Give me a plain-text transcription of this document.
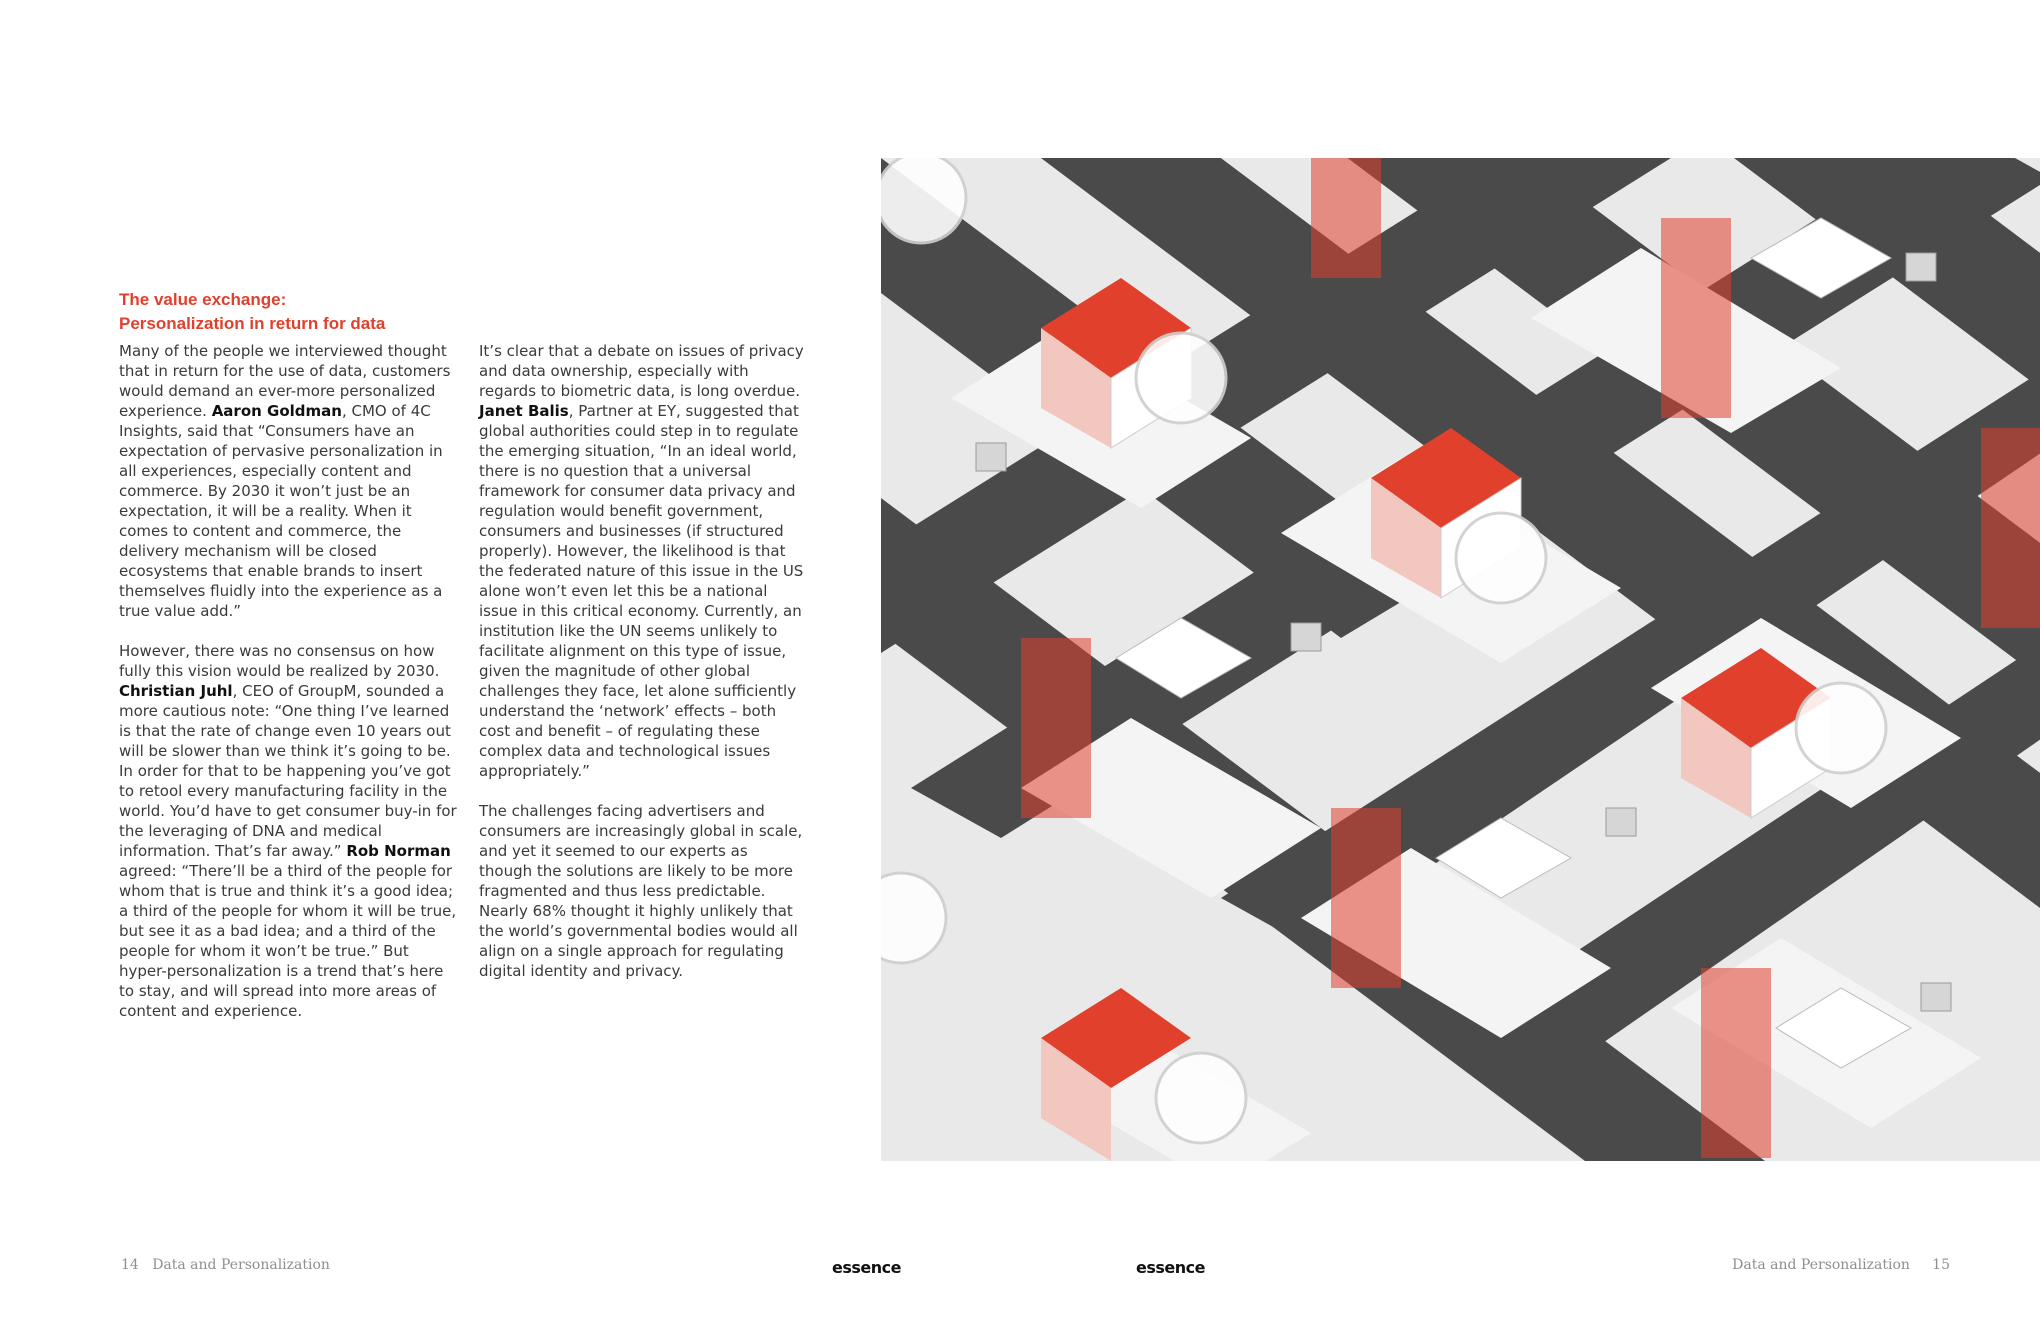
The value exchange:
Personalization in return for data

Many of the people we interviewed thought that in return for the use of data, customers would demand an ever-more personalized experience. Aaron Goldman, CMO of 4C Insights, said that “Consumers have an expectation of pervasive personalization in all experiences, especially content and commerce. By 2030 it won’t just be an expectation, it will be a reality. When it comes to content and commerce, the delivery mechanism will be closed ecosystems that enable brands to insert themselves fluidly into the experience as a true value add.”

However, there was no consensus on how fully this vision would be realized by 2030. Christian Juhl, CEO of GroupM, sounded a more cautious note: “One thing I’ve learned is that the rate of change even 10 years out will be slower than we think it’s going to be. In order for that to be happening you’ve got to retool every manufacturing facility in the world. You’d have to get consumer buy-in for the leveraging of DNA and medical information. That’s far away.” Rob Norman agreed: “There’ll be a third of the people for whom that is true and think it’s a good idea; a third of the people for whom it will be true, but see it as a bad idea; and a third of the people for whom it won’t be true.” But hyper-personalization is a trend that’s here to stay, and will spread into more areas of content and experience.

It’s clear that a debate on issues of privacy and data ownership, especially with regards to biometric data, is long overdue. Janet Balis, Partner at EY, suggested that global authorities could step in to regulate the emerging situation, “In an ideal world, there is no question that a universal framework for consumer data privacy and regulation would benefit government, consumers and businesses (if structured properly). However, the likelihood is that the federated nature of this issue in the US alone won’t even let this be a national issue in this critical economy. Currently, an institution like the UN seems unlikely to facilitate alignment on this type of issue, given the magnitude of other global challenges they face, let alone sufficiently understand the ‘network’ effects – both cost and benefit – of regulating these complex data and technological issues appropriately.”

The challenges facing advertisers and consumers are increasingly global in scale, and yet it seemed to our experts as though the solutions are likely to be more fragmented and thus less predictable. Nearly 68% thought it highly unlikely that the world’s governmental bodies would all align on a single approach for regulating digital identity and privacy.

14 Data and Personalization	essence	essence	Data and Personalization 15
